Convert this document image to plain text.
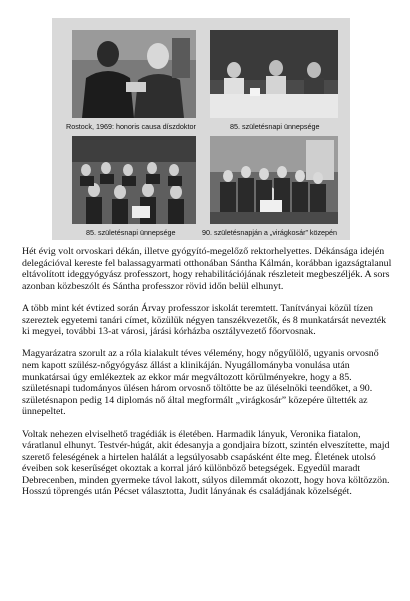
Rostock, 1969: honoris causa díszdoktor	85. születésnapi ünnepsége
85. születésnapi ünnepsége	90. születésnapján a „virágkosár” közepén

Hét évig volt orvoskari dékán, illetve gyógyító-megelőző rektorhelyettes. Dékánsága idején delegációval kereste fel balassagyarmati otthonában Sántha Kálmán, korábban igazságtalanul eltávolított ideggyógyász professzort, hogy rehabilitációjának részleteit megbeszéljék. A sors azonban közbeszólt és Sántha professzor rövid időn belül elhunyt.

A több mint két évtized során Árvay professzor iskolát teremtett. Tanítványai közül tízen szereztek egyetemi tanári címet, közülük négyen tanszékvezetők, és 8 munkatársát nevezték ki megyei, további 13-at városi, járási kórházba osztályvezető főorvosnak.

Magyarázatra szorult az a róla kialakult téves vélemény, hogy nőgyűlölő, ugyanis orvosnő nem kapott szülész-nőgyógyász állást a klinikáján. Nyugállományba vonulása után munkatársai úgy emlékeztek az ekkor már megváltozott körülményekre, hogy a 85. születésnapi tudományos ülésen három orvosnő töltötte be az üléselnöki teendőket, a 90. születésnapon pedig 14 diplomás nő által megformált „virágkosár” közepére ültették az ünnepeltet.

Voltak nehezen elviselhető tragédiák is életében. Harmadik lányuk, Veronika fiatalon, váratlanul elhunyt. Testvér-húgát, akit édesanyja a gondjaira bízott, szintén elveszítette, majd szerető feleségének a hirtelen halálát a legsúlyosabb csapásként élte meg. Életének utolsó éveiben sok keserűséget okoztak a korral járó különböző betegségek. Egyedül maradt Debrecenben, minden gyermeke távol lakott, súlyos dilemmát okozott, hogy hova költözzön. Hosszú töprengés után Pécset választotta, Judit lányának és családjának közelségét.
